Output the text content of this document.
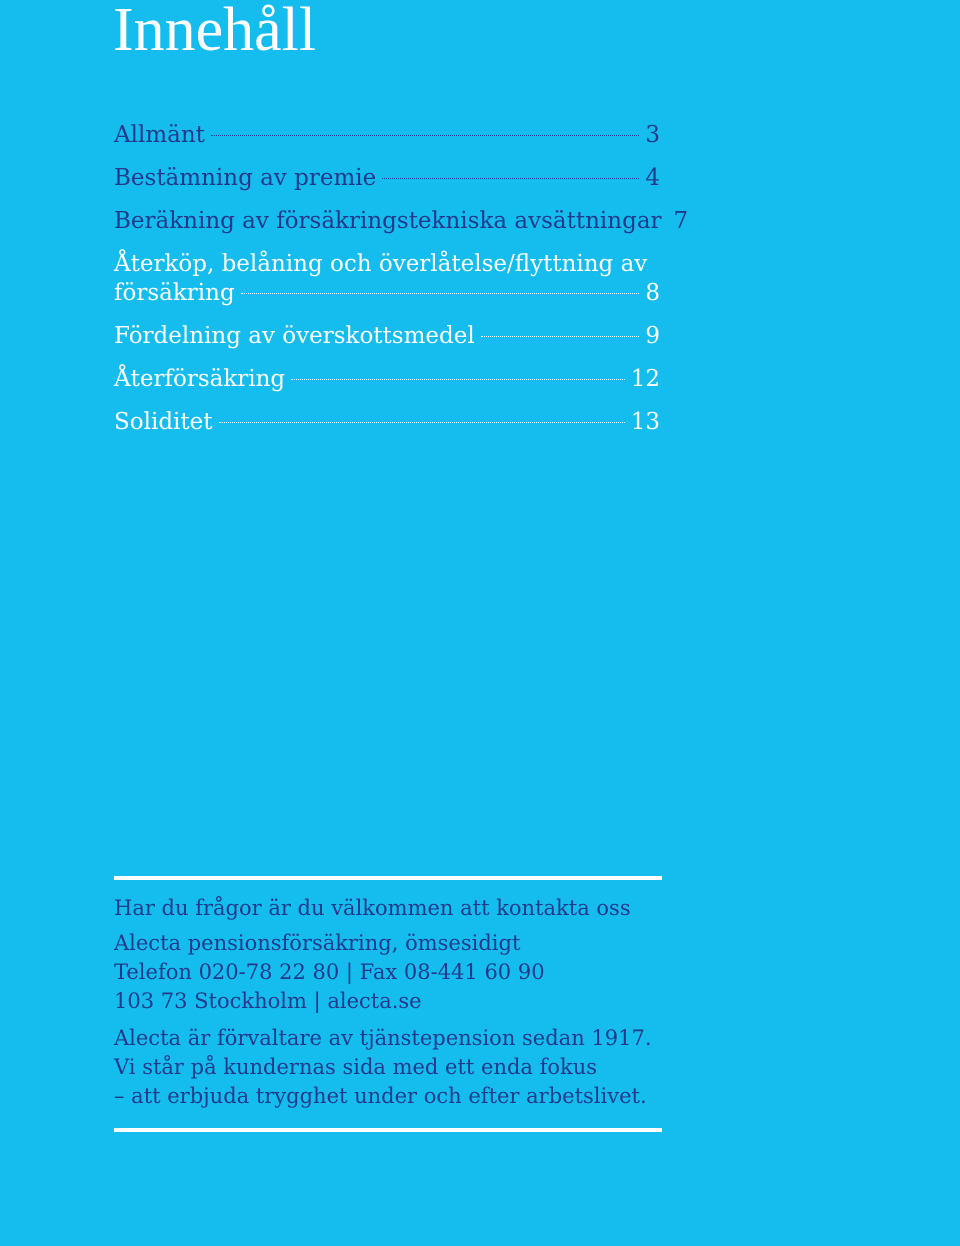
Innehåll
Allmänt	3
Bestämning av premie	4
Beräkning av försäkringstekniska avsättningar 7
Återköp, belåning och överlåtelse/flyttning av
försäkring	8
Fördelning av överskottsmedel	9
Återförsäkring	12
Soliditet	13

Har du frågor är du välkommen att kontakta oss

Alecta pensionsförsäkring, ömsesidigt

Telefon 020-78 22 80 | Fax 08-441 60 90

103 73 Stockholm | alecta.se

Alecta är förvaltare av tjänstepension sedan 1917.

Vi står på kundernas sida med ett enda fokus

– att erbjuda trygghet under och efter arbetslivet.
